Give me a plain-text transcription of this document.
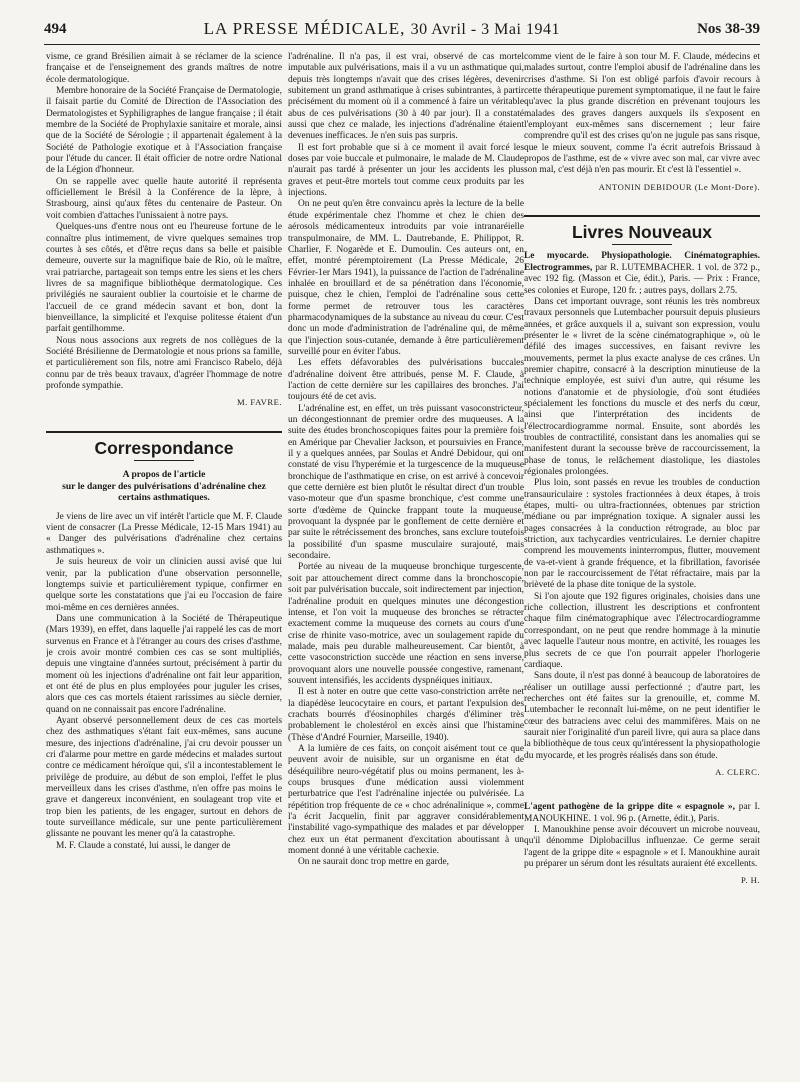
494	LA PRESSE MÉDICALE, 30 Avril - 3 Mai 1941	Nos 38-39

visme, ce grand Brésilien aimait à se réclamer de la science française et de l'enseignement des grands maîtres de notre école dermatologique.

Membre honoraire de la Société Française de Dermatologie, il faisait partie du Comité de Direction de l'Association des Dermatologistes et Syphiligraphes de langue française ; il était membre de la Société de Prophylaxie sanitaire et morale, ainsi que de la Société de Sérologie ; il appartenait également à la Société de Pathologie exotique et à l'Association française pour l'étude du cancer. Il était officier de notre ordre National de la Légion d'honneur.

On se rappelle avec quelle haute autorité il représenta officiellement le Brésil à la Conférence de la lèpre, à Strasbourg, ainsi qu'aux fêtes du centenaire de Pasteur. On voit combien d'attaches l'unissaient à notre pays.

Quelques-uns d'entre nous ont eu l'heureuse fortune de le connaître plus intimement, de vivre quelques semaines trop courtes à ses côtés, et d'être reçus dans sa belle et paisible demeure, ouverte sur la magnifique baie de Rio, où le maître, vrai patriarche, partageait son temps entre les siens et les chers livres de sa magnifique bibliothèque dermatologique. Ces privilégiés ne sauraient oublier la courtoisie et le charme de l'accueil de ce grand médecin savant et bon, dont la bienveillance, la simplicité et l'exquise politesse étaient d'un parfait gentilhomme.

Nous nous associons aux regrets de nos collègues de la Société Brésilienne de Dermatologie et nous prions sa famille, et particulièrement son fils, notre ami Francisco Rabelo, déjà connu par de très beaux travaux, d'agréer l'hommage de notre profonde sympathie.

M. FAVRE.

Correspondance
A propos de l'article
sur le danger des pulvérisations d'adrénaline chez certains asthmatiques.

Je viens de lire avec un vif intérêt l'article que M. F. Claude vient de consacrer (La Presse Médicale, 12-15 Mars 1941) au « Danger des pulvérisations d'adrénaline chez certains asthmatiques ».

Je suis heureux de voir un clinicien aussi avisé que lui venir, par la publication d'une observation personnelle, longtemps suivie et particulièrement typique, confirmer en quelque sorte les constatations que j'ai eu l'occasion de faire moi-même en ces dernières années.

Dans une communication à la Société de Thérapeutique (Mars 1939), en effet, dans laquelle j'ai rappelé les cas de mort survenus en France et à l'étranger au cours des crises d'asthme, je crois avoir montré combien ces cas se sont multipliés, depuis une vingtaine d'années surtout, précisément à partir du moment où les injections d'adrénaline ont fait leur apparition, et ont été de plus en plus employées pour juguler les crises, alors que ces cas mortels étaient rarissimes au siècle dernier, quand on ne connaissait pas encore l'adrénaline.

Ayant observé personnellement deux de ces cas mortels chez des asthmatiques s'étant fait eux-mêmes, sans aucune mesure, des injections d'adrénaline, j'ai cru devoir pousser un cri d'alarme pour mettre en garde médecins et malades surtout contre ce médicament héroïque qui, s'il a incontestablement le privilège de produire, au début de son emploi, l'effet le plus merveilleux dans les crises d'asthme, n'en offre pas moins le grave et dangereux inconvénient, en soulageant trop vite et trop bien les patients, de les engager, surtout en dehors de toute surveillance médicale, sur une pente particulièrement glissante ne pouvant les mener qu'à la catastrophe.

M. F. Claude a constaté, lui aussi, le danger de

l'adrénaline. Il n'a pas, il est vrai, observé de cas mortel imputable aux pulvérisations, mais il a vu un asthmatique qui, depuis très longtemps n'avait que des crises légères, devenir subitement un grand asthmatique à crises subintrantes, à partir précisément du moment où il a commencé à faire un véritable abus de ces pulvérisations (30 à 40 par jour). Il a constaté aussi que chez ce malade, les injections d'adrénaline étaient devenues inefficaces. Je n'en suis pas surpris.

Il est fort probable que si à ce moment il avait forcé les doses par voie buccale et pulmonaire, le malade de M. Claude n'aurait pas tardé à présenter un jour les accidents les plus graves et peut-être mortels tout comme ceux produits par les injections.

On ne peut qu'en être convaincu après la lecture de la belle étude expérimentale chez l'homme et chez le chien des aérosols médicamenteux introduits par voie intranaréielle transpulmonaire, de MM. L. Dautrebande, E. Philippot, R. Charlier, F. Nogarède et E. Dumoulin. Ces auteurs ont, en effet, montré péremptoirement (La Presse Médicale, 26 Février-1er Mars 1941), la puissance de l'action de l'adrénaline inhalée en brouillard et de sa pénétration dans l'économie, puisque, chez le chien, l'emploi de l'adrénaline sous cette forme permet de retrouver tous les caractères pharmacodynamiques de la substance au niveau du cœur. C'est donc un mode d'administration de l'adrénaline qui, de même que l'injection sous-cutanée, demande à être particulièrement surveillé pour en éviter l'abus.

Les effets défavorables des pulvérisations buccales d'adrénaline doivent être attribués, pense M. F. Claude, à l'action de cette dernière sur les capillaires des bronches. J'ai toujours été de cet avis.

L'adrénaline est, en effet, un très puissant vasoconstricteur, un décongestionnant de premier ordre des muqueuses. A la suite des études bronchoscopiques faites pour la première fois en Amérique par Chevalier Jackson, et poursuivies en France, il y a quelques années, par Soulas et André Debidour, qui ont constaté de visu l'hyperémie et la turgescence de la muqueuse bronchique de l'asthmatique en crise, on est arrivé à concevoir que cette dernière est bien plutôt le résultat direct d'un trouble vaso-moteur que d'un spasme bronchique, c'est comme une sorte d'œdème de Quincke frappant toute la muqueuse, provoquant la dyspnée par le gonflement de cette dernière et par suite le rétrécissement des bronches, sans exclure toutefois la possibilité d'un spasme musculaire surajouté, mais secondaire.

Portée au niveau de la muqueuse bronchique turgescente, soit par attouchement direct comme dans la bronchoscopie, soit par pulvérisation buccale, soit indirectement par injection, l'adrénaline produit en quelques minutes une décongestion intense, et l'on voit la muqueuse des bronches se rétracter exactement comme la muqueuse des cornets au cours d'une crise de rhinite vaso-motrice, avec un soulagement rapide du malade, mais peu durable malheureusement. Car bientôt, à cette vasoconstriction succède une réaction en sens inverse, provoquant alors une nouvelle poussée congestive, ramenant, souvent intensifiés, les accidents dyspnéiques initiaux.

Il est à noter en outre que cette vaso-constriction arrête net la diapédèse leucocytaire en cours, et partant l'expulsion des crachats bourrés d'éosinophiles chargés d'éliminer très probablement le cholestérol en excès ainsi que l'histamine (Thèse d'André Fournier, Marseille, 1940).

A la lumière de ces faits, on conçoit aisément tout ce que peuvent avoir de nuisible, sur un organisme en état de déséquilibre neuro-végétatif plus ou moins permanent, les à-coups brusques d'une médication aussi violemment perturbatrice que l'est l'adrénaline injectée ou pulvérisée. La répétition trop fréquente de ce « choc adrénalinique », comme l'a écrit Jacquelin, finit par aggraver considérablement l'instabilité vago-sympathique des malades et par développer chez eux un état permanent d'excitation aboutissant à un moment donné à une véritable cachexie.

On ne saurait donc trop mettre en garde,

comme vient de le faire à son tour M. F. Claude, médecins et malades surtout, contre l'emploi abusif de l'adrénaline dans les crises d'asthme. Si l'on est obligé parfois d'avoir recours à cette thérapeutique purement symptomatique, il ne faut le faire qu'avec la plus grande discrétion en prévenant toujours les malades des graves dangers auxquels ils s'exposent en l'employant eux-mêmes sans discernement ; leur faire comprendre qu'il est des crises qu'on ne jugule pas sans risque, que le mieux souvent, comme l'a écrit autrefois Brissaud à propos de l'asthme, est de « vivre avec son mal, car vivre avec son mal, c'est déjà n'en pas mourir. Et c'est là l'essentiel ».

ANTONIN DEBIDOUR (Le Mont-Dore).

Livres Nouveaux

Le myocarde. Physiopathologie. Cinématographies. Electrogrammes, par R. LUTEMBACHER. 1 vol. de 372 p., avec 192 fig. (Masson et Cie, édit.), Paris. — Prix : France, ses colonies et Europe, 120 fr. ; autres pays, dollars 2.75.

Dans cet important ouvrage, sont réunis les très nombreux travaux personnels que Lutembacher poursuit depuis plusieurs années, et grâce auxquels il a, suivant son expression, voulu présenter le « livret de la scène cinématographique », où le défilé des images successives, en faisant revivre les mouvements, permet la plus exacte analyse de ces crânes. Un premier chapitre, consacré à la description minutieuse de la technique employée, est suivi d'un autre, qui résume les notions d'anatomie et de physiologie, d'où sont étudiées spécialement les fonctions du muscle et des nerfs du cœur, ainsi que l'interprétation des incidents de l'électrocardiogramme normal. Ensuite, sont abordés les troubles de contractilité, consistant dans les anomalies qui se manifestent durant la secousse brève de raccourcissement, la phase de tonus, le relâchement diastolique, les diastoles régionales prolongées.

Plus loin, sont passés en revue les troubles de conduction transauriculaire : systoles fractionnées à deux étapes, à trois étapes, multi- ou ultra-fractionnées, obtenues par striction médiane ou par imprégnation toxique. A signaler aussi les pages consacrées à la conduction rétrograde, au bloc par striction, aux tachycardies ventriculaires. Le dernier chapitre comprend les mouvements ininterrompus, flutter, mouvement de va-et-vient à grande fréquence, et la fibrillation, favorisée non par le raccourcissement de l'état réfractaire, mais par la brièveté de la phase dite tonique de la systole.

Si l'on ajoute que 192 figures originales, choisies dans une riche collection, illustrent les descriptions et confrontent chaque film cinématographique avec l'électrocardiogramme correspondant, on ne peut que rendre hommage à la minutie avec laquelle l'auteur nous montre, en activité, les rouages les plus secrets de ce que l'on pourrait appeler l'horlogerie cardiaque.

Sans doute, il n'est pas donné à beaucoup de laboratoires de réaliser un outillage aussi perfectionné ; d'autre part, les recherches ont été faites sur la grenouille, et, comme M. Lutembacher le reconnaît lui-même, on ne peut identifier le cœur des batraciens avec celui des mammifères. Mais on ne saurait nier l'originalité d'un pareil livre, qui aura sa place dans la bibliothèque de tous ceux qu'intéressent la physiopathologie du myocarde, et les progrès réalisés dans son étude.

A. CLERC.

L'agent pathogène de la grippe dite « espagnole », par I. MANOUKHINE. 1 vol. 96 p. (Arnette, édit.), Paris.

I. Manoukhine pense avoir découvert un microbe nouveau, qu'il dénomme Diplobacillus influenzae. Ce germe serait l'agent de la grippe dite « espagnole » et I. Manoukhine aurait pu préparer un sérum dont les résultats auraient été excellents.

P. H.
